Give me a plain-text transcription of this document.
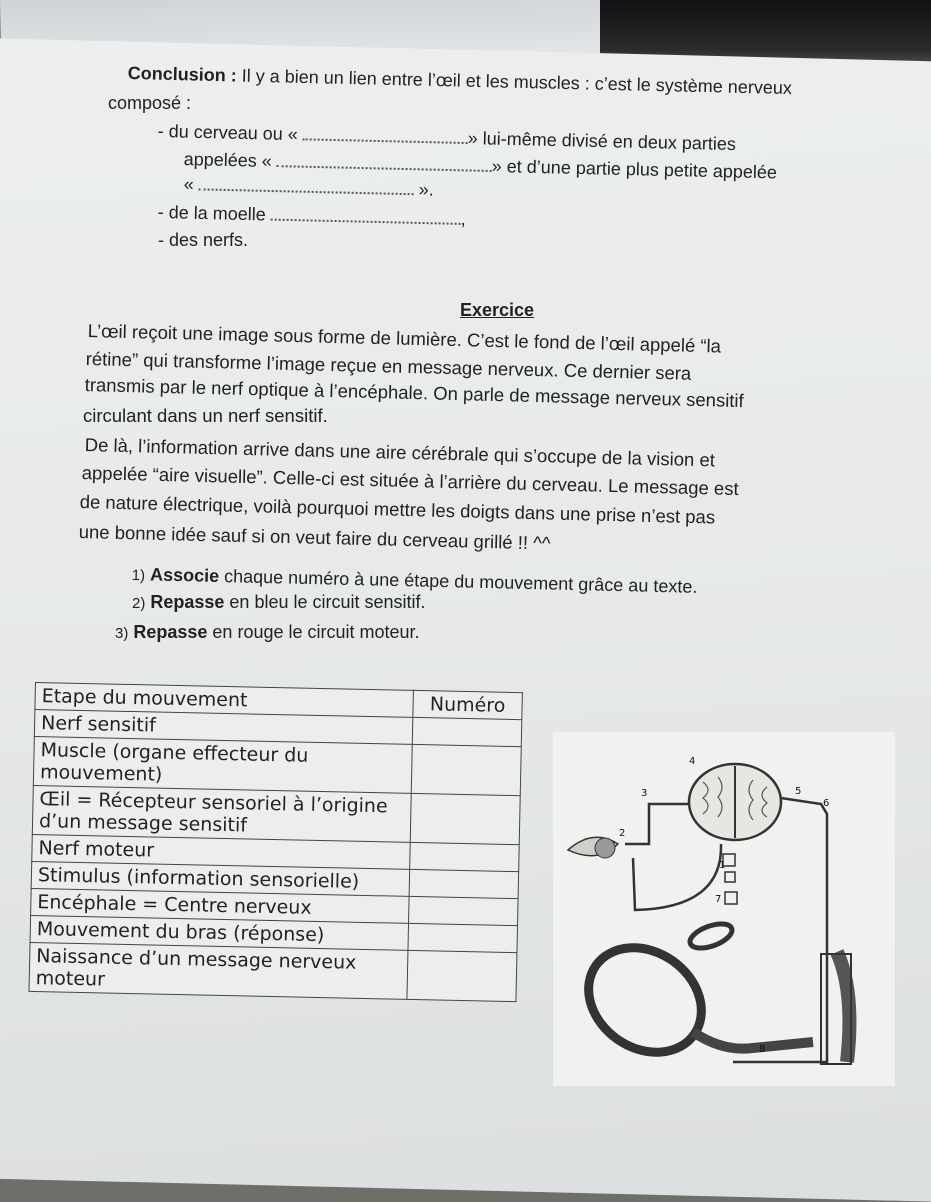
Conclusion : Il y a bien un lien entre l’œil et les muscles : c’est le système nerveux
composé :
- du cerveau ou «	» lui-même divisé en deux parties
appelées «	» et d’une partie plus petite appelée
«	».
- de la moelle	,
- des nerfs.
Exercice
L’œil reçoit une image sous forme de lumière. C’est le fond de l’œil appelé “la
rétine” qui transforme l’image reçue en message nerveux. Ce dernier sera
transmis par le nerf optique à l’encéphale. On parle de message nerveux sensitif
circulant dans un nerf sensitif.
De là, l’information arrive dans une aire cérébrale qui s’occupe de la vision et
appelée “aire visuelle”. Celle-ci est située à l’arrière du cerveau. Le message est
de nature électrique, voilà pourquoi mettre les doigts dans une prise n’est pas
une bonne idée sauf si on veut faire du cerveau grillé !! ^^
1) Associe chaque numéro à une étape du mouvement grâce au texte.
2) Repasse en bleu le circuit sensitif.
3) Repasse en rouge le circuit moteur.
Etape du mouvement	Numéro
Nerf sensitif	
Muscle (organe effecteur du mouvement)	
Œil = Récepteur sensoriel à l’origine d’un message sensitif	
Nerf moteur	
Stimulus (information sensorielle)	
Encéphale = Centre nerveux	
Mouvement du bras (réponse)	
Naissance d’un message nerveux moteur	
1
2
3
4
5
6
7
8
